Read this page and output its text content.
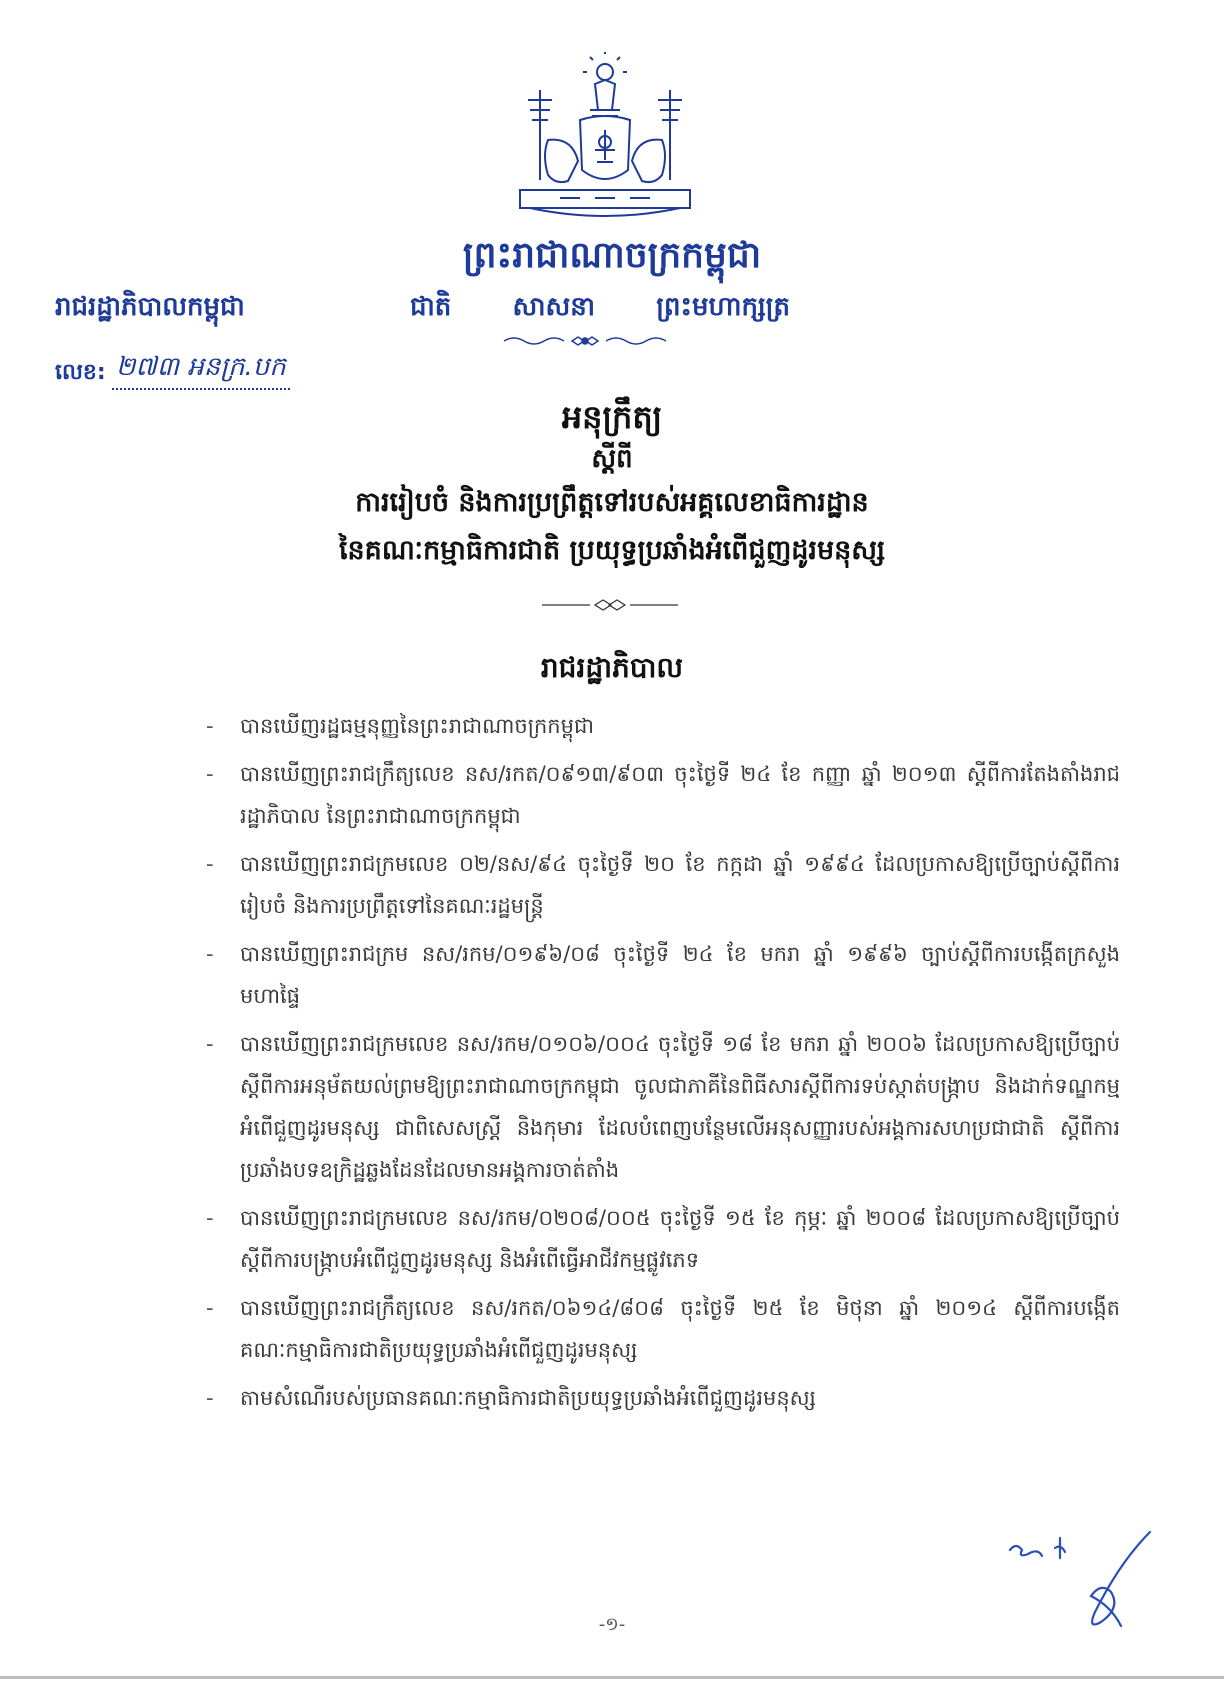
ព្រះរាជាណាចក្រកម្ពុជា
រាជរដ្ឋាភិបាលកម្ពុជា	ជាតិ សាសនា ព្រះមហាក្សត្រ
លេខ: ២៧៣ អនក្រ.បក
អនុក្រឹត្យ
ស្តីពី
ការរៀបចំ និងការប្រព្រឹត្តទៅរបស់អគ្គលេខាធិការដ្ឋាន
នៃគណៈកម្មាធិការជាតិ ប្រយុទ្ធប្រឆាំងអំពើជួញដូរមនុស្ស
រាជរដ្ឋាភិបាល
- បានឃើញរដ្ឋធម្មនុញ្ញនៃព្រះរាជាណាចក្រកម្ពុជា
- បានឃើញព្រះរាជក្រឹត្យលេខ នស/រកត/០៩១៣/៩០៣ ចុះថ្ងៃទី ២៤ ខែ កញ្ញា ឆ្នាំ ២០១៣ ស្តីពីការតែងតាំងរាជរដ្ឋាភិបាល នៃព្រះរាជាណាចក្រកម្ពុជា
- បានឃើញព្រះរាជក្រមលេខ ០២/នស/៩៤ ចុះថ្ងៃទី ២០ ខែ កក្កដា ឆ្នាំ ១៩៩៤ ដែលប្រកាសឱ្យប្រើច្បាប់ស្តីពីការរៀបចំ និងការប្រព្រឹត្តទៅនៃគណៈរដ្ឋមន្ត្រី
- បានឃើញព្រះរាជក្រម នស/រកម/០១៩៦/០៨ ចុះថ្ងៃទី ២៤ ខែ មករា ឆ្នាំ ១៩៩៦ ច្បាប់ស្តីពីការបង្កើតក្រសួងមហាផ្ទៃ
- បានឃើញព្រះរាជក្រមលេខ នស/រកម/០១០៦/០០៤ ចុះថ្ងៃទី ១៨ ខែ មករា ឆ្នាំ ២០០៦ ដែលប្រកាសឱ្យប្រើច្បាប់ស្តីពីការអនុម័តយល់ព្រមឱ្យព្រះរាជាណាចក្រកម្ពុជា ចូលជាភាគីនៃពិធីសារស្តីពីការទប់ស្កាត់បង្ក្រាប និងដាក់ទណ្ឌកម្មអំពើជួញដូរមនុស្ស ជាពិសេសស្ត្រី និងកុមារ ដែលបំពេញបន្ថែមលើអនុសញ្ញារបស់អង្គការសហប្រជាជាតិ ស្តីពីការប្រឆាំងបទឧក្រិដ្ឋឆ្លងដែនដែលមានអង្គការចាត់តាំង
- បានឃើញព្រះរាជក្រមលេខ នស/រកម/០២០៨/០០៥ ចុះថ្ងៃទី ១៥ ខែ កុម្ភៈ ឆ្នាំ ២០០៨ ដែលប្រកាសឱ្យប្រើច្បាប់ស្តីពីការបង្ក្រាបអំពើជួញដូរមនុស្ស និងអំពើធ្វើអាជីវកម្មផ្លូវភេទ
- បានឃើញព្រះរាជក្រឹត្យលេខ នស/រកត/០៦១៤/៨០៨ ចុះថ្ងៃទី ២៥ ខែ មិថុនា ឆ្នាំ ២០១៤ ស្តីពីការបង្កើតគណៈកម្មាធិការជាតិប្រយុទ្ធប្រឆាំងអំពើជួញដូរមនុស្ស
- តាមសំណើរបស់ប្រធានគណៈកម្មាធិការជាតិប្រយុទ្ធប្រឆាំងអំពើជួញដូរមនុស្ស
-១-
